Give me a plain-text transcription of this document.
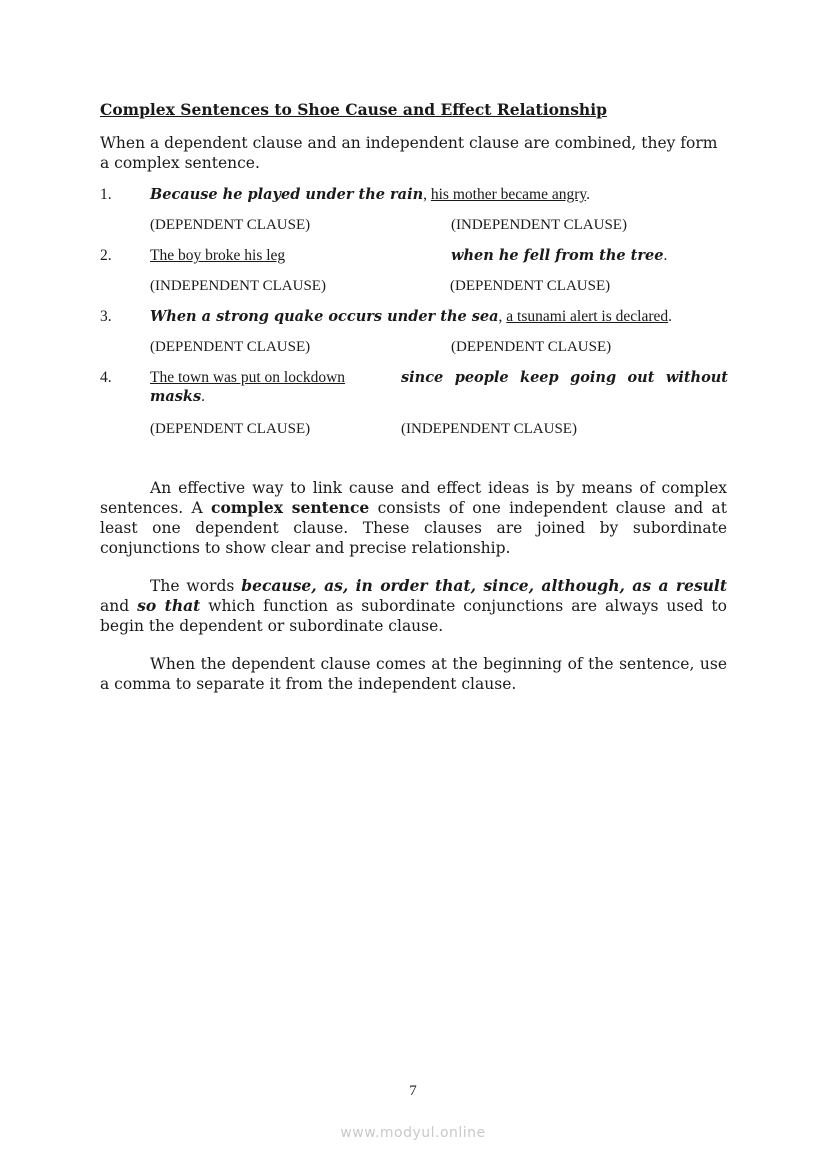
Complex Sentences to Shoe Cause and Effect Relationship
When a dependent clause and an independent clause are combined, they form a complex sentence.
1.	Because he played under the rain, his mother became angry.
(DEPENDENT CLAUSE)	(INDEPENDENT CLAUSE)
2. The boy broke his leg	when he fell from the tree.
(INDEPENDENT CLAUSE)	(DEPENDENT CLAUSE)
3.	When a strong quake occurs under the sea, a tsunami alert is declared.
(DEPENDENT CLAUSE)	(DEPENDENT CLAUSE)
4. The town was put on lockdown	since people keep going out without
masks.
(DEPENDENT CLAUSE)	(INDEPENDENT CLAUSE)
An effective way to link cause and effect ideas is by means of complex sentences. A complex sentence consists of one independent clause and at least one dependent clause. These clauses are joined by subordinate conjunctions to show clear and precise relationship.
The words because, as, in order that, since, although, as a result and so that which function as subordinate conjunctions are always used to begin the dependent or subordinate clause.
When the dependent clause comes at the beginning of the sentence, use a comma to separate it from the independent clause.
7
www.modyul.online
